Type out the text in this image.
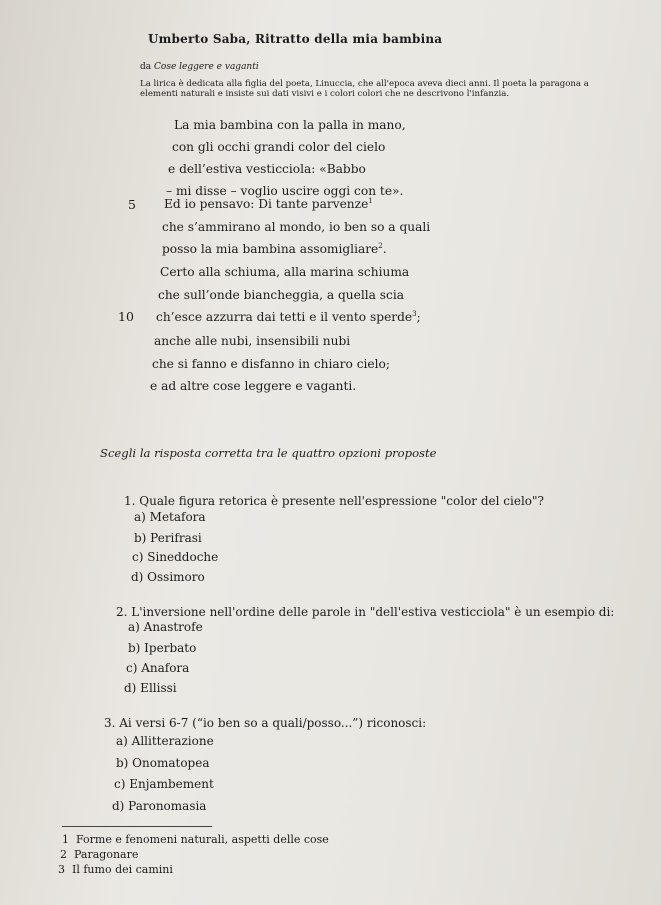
Umberto Saba, Ritratto della mia bambina
da Cose leggere e vaganti
La lirica è dedicata alla figlia del poeta, Linuccia, che all'epoca aveva dieci anni. Il poeta la paragona a elementi naturali e insiste sui dati visivi e i colori colori che ne descrivono l'infanzia.
La mia bambina con la palla in mano,
con gli occhi grandi color del cielo
e dell’estiva vesticciola: «Babbo
– mi disse – voglio uscire oggi con te».
5 Ed io pensavo: Di tante parvenze$^1$
che s’ammirano al mondo, io ben so a quali
posso la mia bambina assomigliare$^2$.
Certo alla schiuma, alla marina schiuma
che sull’onde biancheggia, a quella scia
10 ch’esce azzurra dai tetti e il vento sperde$^3$;
anche alle nubi, insensibili nubi
che si fanno e disfanno in chiaro cielo;
e ad altre cose leggere e vaganti.
Scegli la risposta corretta tra le quattro opzioni proposte
1. Quale figura retorica è presente nell'espressione "color del cielo"?
a) Metafora
b) Perifrasi
c) Sineddoche
d) Ossimoro
2. L'inversione nell'ordine delle parole in "dell'estiva vesticciola" è un esempio di:
a) Anastrofe
b) Iperbato
c) Anafora
d) Ellissi
3. Ai versi 6-7 (“io ben so a quali/posso...”) riconosci:
a) Allitterazione
b) Onomatopea
c) Enjambement
d) Paronomasia
1 Forme e fenomeni naturali, aspetti delle cose
2 Paragonare
3 Il fumo dei camini
